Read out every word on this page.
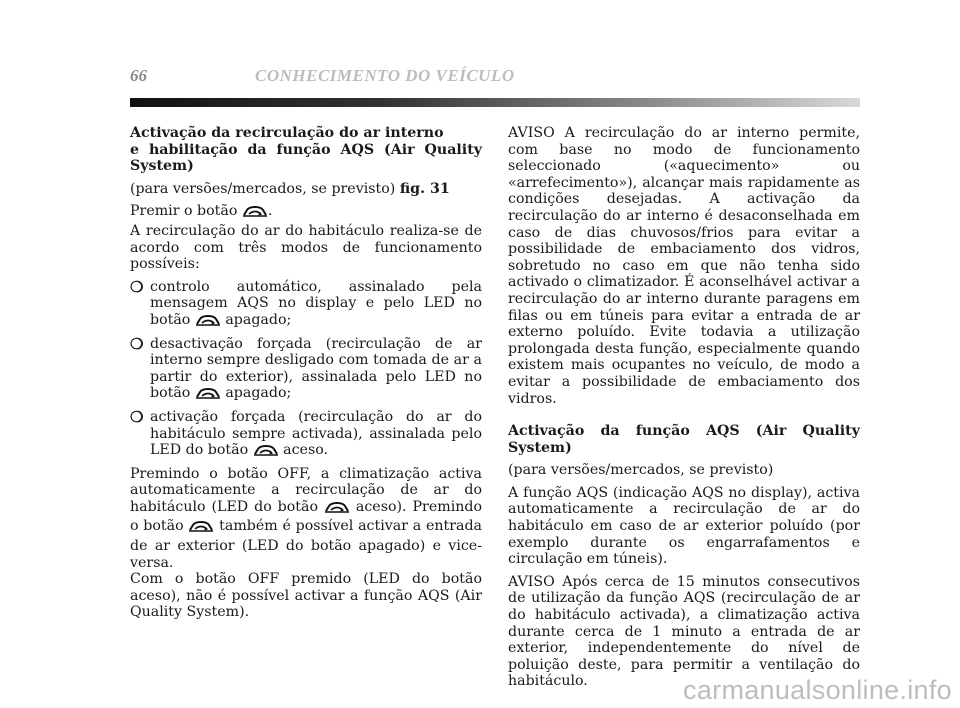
66	CONHECIMENTO DO VEÍCULO

Activação da recirculação do ar interno
e habilitação da função AQS (Air Quality System)

(para versões/mercados, se previsto) fig. 31

Premir o botão .

A recirculação do ar do habitáculo realiza-se de acordo com três modos de funcionamento possíveis:

❍ controlo automático, assinalado pela mensagem AQS no display e pelo LED no botão  apagado;
❍ desactivação forçada (recirculação de ar interno sempre desligado com tomada de ar a partir do exterior), assinalada pelo LED no botão  apagado;
❍ activação forçada (recirculação do ar do habitáculo sempre activada), assinalada pelo LED do botão  aceso.

Premindo o botão OFF, a climatização activa automaticamente a recirculação de ar do habitáculo (LED do botão  aceso). Premindo o botão  também é possível activar a entrada de ar exterior (LED do botão apagado) e vice-versa.

Com o botão OFF premido (LED do botão aceso), não é possível activar a função AQS (Air Quality System).

AVISO A recirculação do ar interno permite, com base no modo de funcionamento seleccionado («aquecimento» ou «arrefecimento»), alcançar mais rapidamente as condições desejadas. A activação da recirculação do ar interno é desaconselhada em caso de dias chuvosos/frios para evitar a possibilidade de embaciamento dos vidros, sobretudo no caso em que não tenha sido activado o climatizador. É aconselhável activar a recirculação do ar interno durante paragens em filas ou em túneis para evitar a entrada de ar externo poluído. Evite todavia a utilização prolongada desta função, especialmente quando existem mais ocupantes no veículo, de modo a evitar a possibilidade de embaciamento dos vidros.

Activação da função AQS (Air Quality System)

(para versões/mercados, se previsto)

A função AQS (indicação AQS no display), activa automaticamente a recirculação de ar do habitáculo em caso de ar exterior poluído (por exemplo durante os engarrafamentos e circulação em túneis).

AVISO Após cerca de 15 minutos consecutivos de utilização da função AQS (recirculação de ar do habitáculo activada), a climatização activa durante cerca de 1 minuto a entrada de ar exterior, independentemente do nível de poluição deste, para permitir a ventilação do habitáculo.	carmanualsonline.info
